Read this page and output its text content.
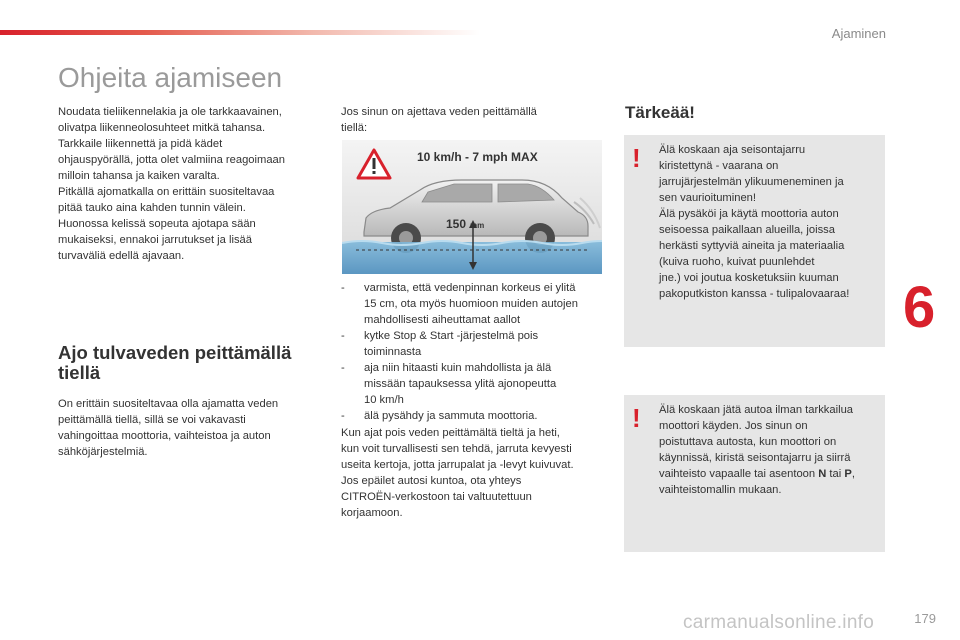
Ajaminen
6
Ohjeita ajamiseen

Noudata tieliikennelakia ja ole tarkkaavainen,
olivatpa liikenneolosuhteet mitkä tahansa.
Tarkkaile liikennettä ja pidä kädet
ohjauspyörällä, jotta olet valmiina reagoimaan
milloin tahansa ja kaiken varalta.
Pitkällä ajomatkalla on erittäin suositeltavaa
pitää tauko aina kahden tunnin välein.
Huonossa kelissä sopeuta ajotapa sään
mukaiseksi, ennakoi jarrutukset ja lisää
turvaväliä edellä ajavaan.

Ajo tulvaveden peittämällä tiellä

On erittäin suositeltavaa olla ajamatta veden
peittämällä tiellä, sillä se voi vakavasti
vahingoittaa moottoria, vaihteistoa ja auton
sähköjärjestelmiä.

Jos sinun on ajettava veden peittämällä
tiellä:

10 km/h - 7 mph MAX
150 mm
- varmista, että vedenpinnan korkeus ei ylitä
15 cm, ota myös huomioon muiden autojen
mahdollisesti aiheuttamat aallot
- kytke Stop & Start -järjestelmä pois
toiminnasta
- aja niin hitaasti kuin mahdollista ja älä
missään tapauksessa ylitä ajonopeutta
10 km/h
- älä pysähdy ja sammuta moottoria.

Kun ajat pois veden peittämältä tieltä ja heti,
kun voit turvallisesti sen tehdä, jarruta kevyesti
useita kertoja, jotta jarrupalat ja -levyt kuivuvat.
Jos epäilet autosi kuntoa, ota yhteys
CITROËN-verkostoon tai valtuutettuun
korjaamoon.

Tärkeää!
! Älä koskaan aja seisontajarru
kiristettynä - vaarana on
jarrujärjestelmän ylikuumeneminen ja
sen vaurioituminen!
Älä pysäköi ja käytä moottoria auton
seisoessa paikallaan alueilla, joissa
herkästi syttyviä aineita ja materiaalia
(kuiva ruoho, kuivat puunlehdet
jne.) voi joutua kosketuksiin kuuman
pakoputkiston kanssa - tulipalovaaraa!

! Älä koskaan jätä autoa ilman tarkkailua
moottori käyden. Jos sinun on
poistuttava autosta, kun moottori on
käynnissä, kiristä seisontajarru ja siirrä
vaihteisto vapaalle tai asentoon N tai P,
vaihteistomallin mukaan.

carmanualsonline.info	179
